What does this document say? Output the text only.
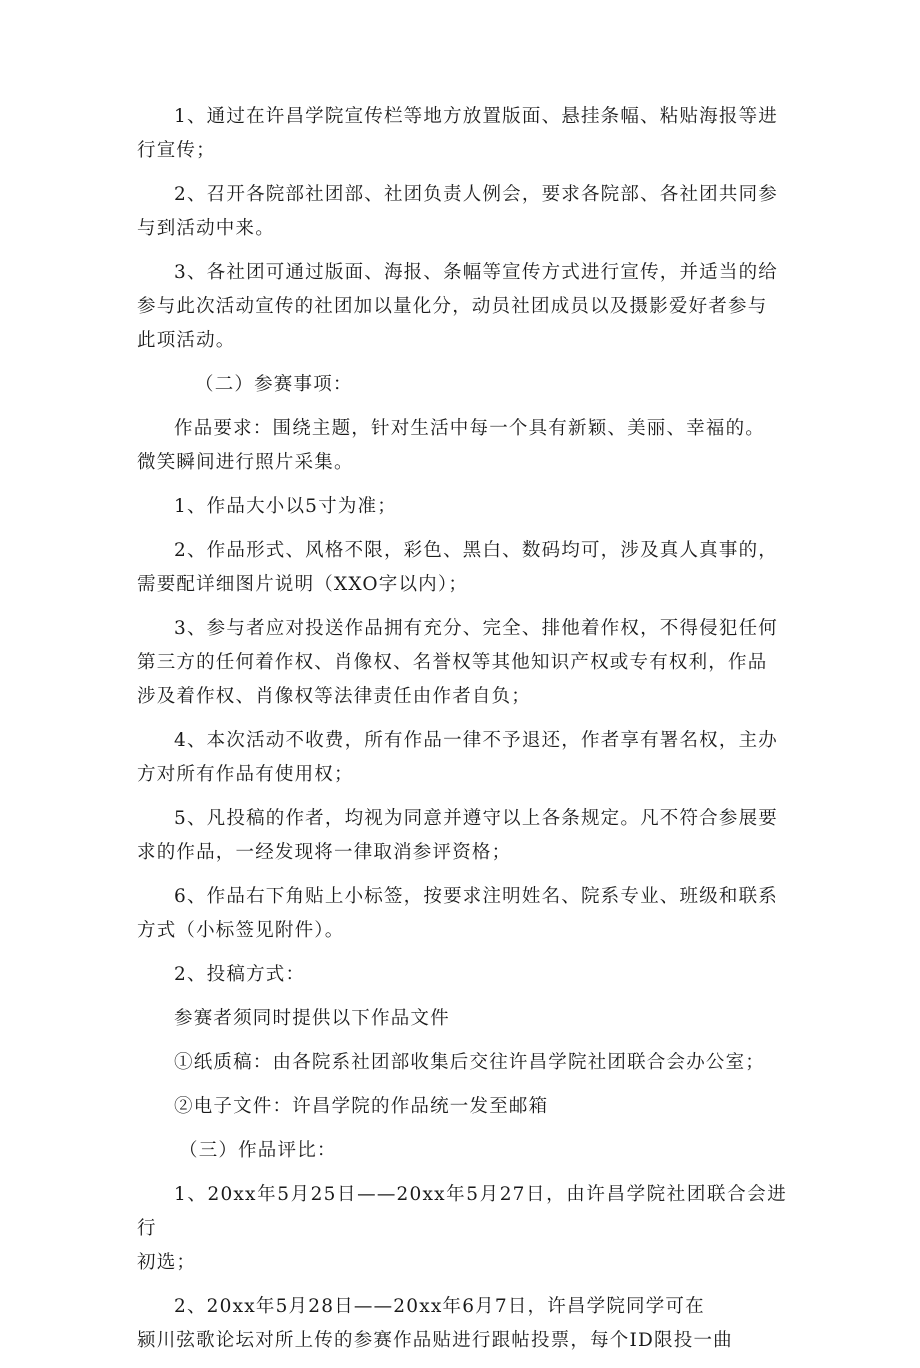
1、通过在许昌学院宣传栏等地方放置版面、悬挂条幅、粘贴海报等进
行宣传；
2、召开各院部社团部、社团负责人例会，要求各院部、各社团共同参
与到活动中来。
3、各社团可通过版面、海报、条幅等宣传方式进行宣传，并适当的给
参与此次活动宣传的社团加以量化分，动员社团成员以及摄影爱好者参与
此项活动。
（二）参赛事项：
作品要求：围绕主题，针对生活中每一个具有新颖、美丽、幸福的。
微笑瞬间进行照片采集。
1、作品大小以5寸为准；
2、作品形式、风格不限，彩色、黑白、数码均可，涉及真人真事的，
需要配详细图片说明（XXO字以内）；
3、参与者应对投送作品拥有充分、完全、排他着作权，不得侵犯任何
第三方的任何着作权、肖像权、名誉权等其他知识产权或专有权利，作品
涉及着作权、肖像权等法律责任由作者自负；
4、本次活动不收费，所有作品一律不予退还，作者享有署名权，主办
方对所有作品有使用权；
5、凡投稿的作者，均视为同意并遵守以上各条规定。凡不符合参展要
求的作品，一经发现将一律取消参评资格；
6、作品右下角贴上小标签，按要求注明姓名、院系专业、班级和联系
方式（小标签见附件）。
2、投稿方式：
参赛者须同时提供以下作品文件
①纸质稿：由各院系社团部收集后交往许昌学院社团联合会办公室；
②电子文件：许昌学院的作品统一发至邮箱
（三）作品评比：
1、20xx年5月25日——20xx年5月27日，由许昌学院社团联合会进行
初选；
2、20xx年5月28日——20xx年6月7日，许昌学院同学可在
颍川弦歌论坛对所上传的参赛作品贴进行跟帖投票，每个ID限投一曲
